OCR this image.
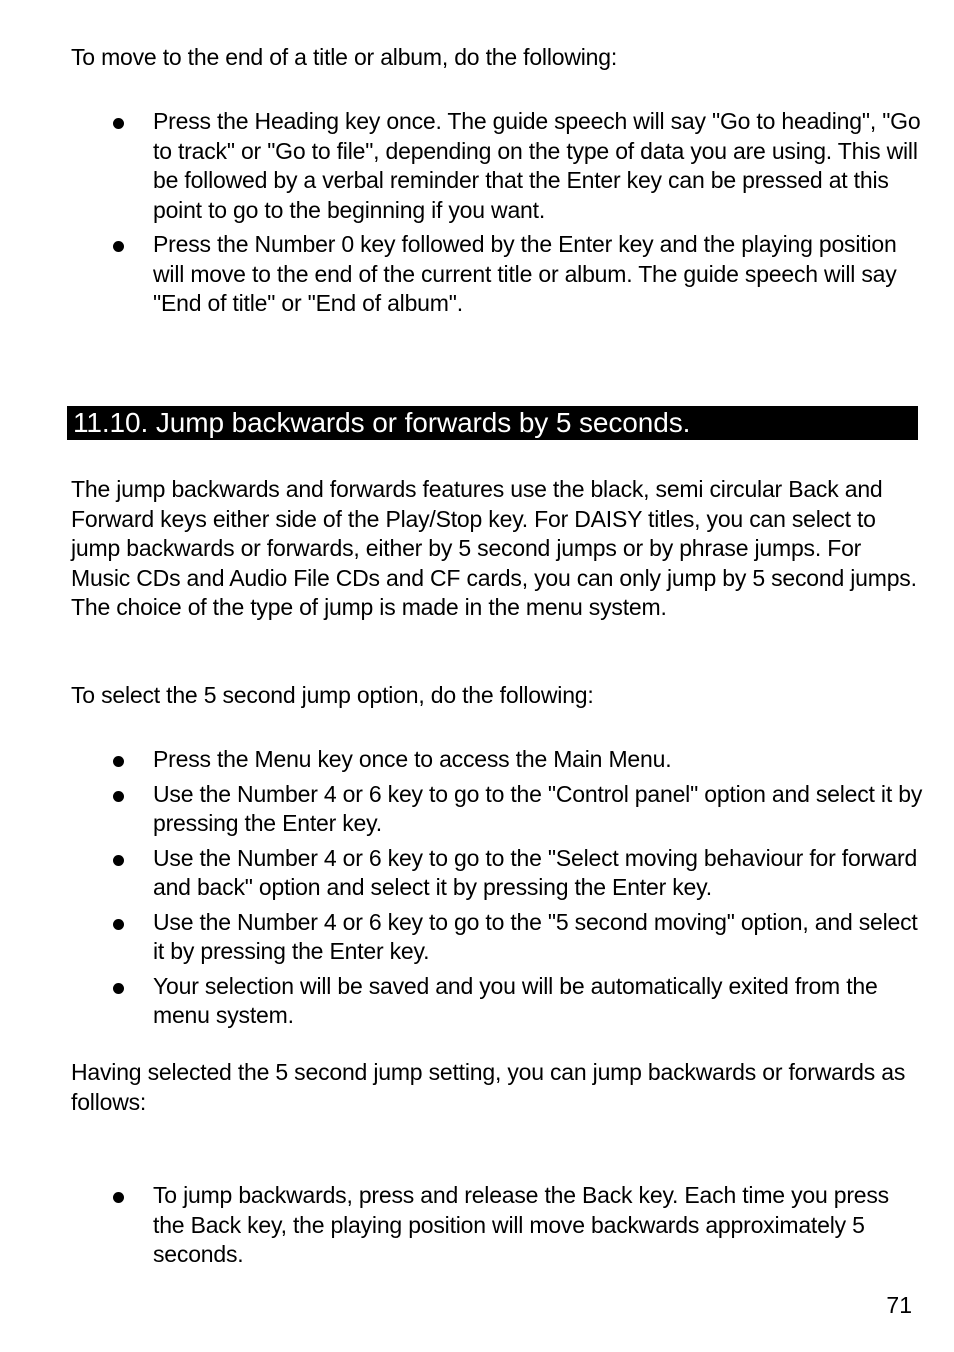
To move to the end of a title or album, do the following:

Press the Heading key once. The guide speech will say "Go to heading", "Go to track" or "Go to file", depending on the type of data you are using. This will be followed by a verbal reminder that the Enter key can be pressed at this point to go to the beginning if you want.
Press the Number 0 key followed by the Enter key and the playing position will move to the end of the current title or album. The guide speech will say "End of title" or "End of album".
11.10. Jump backwards or forwards by 5 seconds.

The jump backwards and forwards features use the black, semi circular Back and Forward keys either side of the Play/Stop key. For DAISY titles, you can select to jump backwards or forwards, either by 5 second jumps or by phrase jumps. For Music CDs and Audio File CDs and CF cards, you can only jump by 5 second jumps. The choice of the type of jump is made in the menu system.

To select the 5 second jump option, do the following:

Press the Menu key once to access the Main Menu.
Use the Number 4 or 6 key to go to the "Control panel" option and select it by pressing the Enter key.
Use the Number 4 or 6 key to go to the "Select moving behaviour for forward and back" option and select it by pressing the Enter key.
Use the Number 4 or 6 key to go to the "5 second moving" option, and select it by pressing the Enter key.
Your selection will be saved and you will be automatically exited from the menu system.

Having selected the 5 second jump setting, you can jump backwards or forwards as follows:

To jump backwards, press and release the Back key. Each time you press the Back key, the playing position will move backwards approximately 5 seconds.
71
